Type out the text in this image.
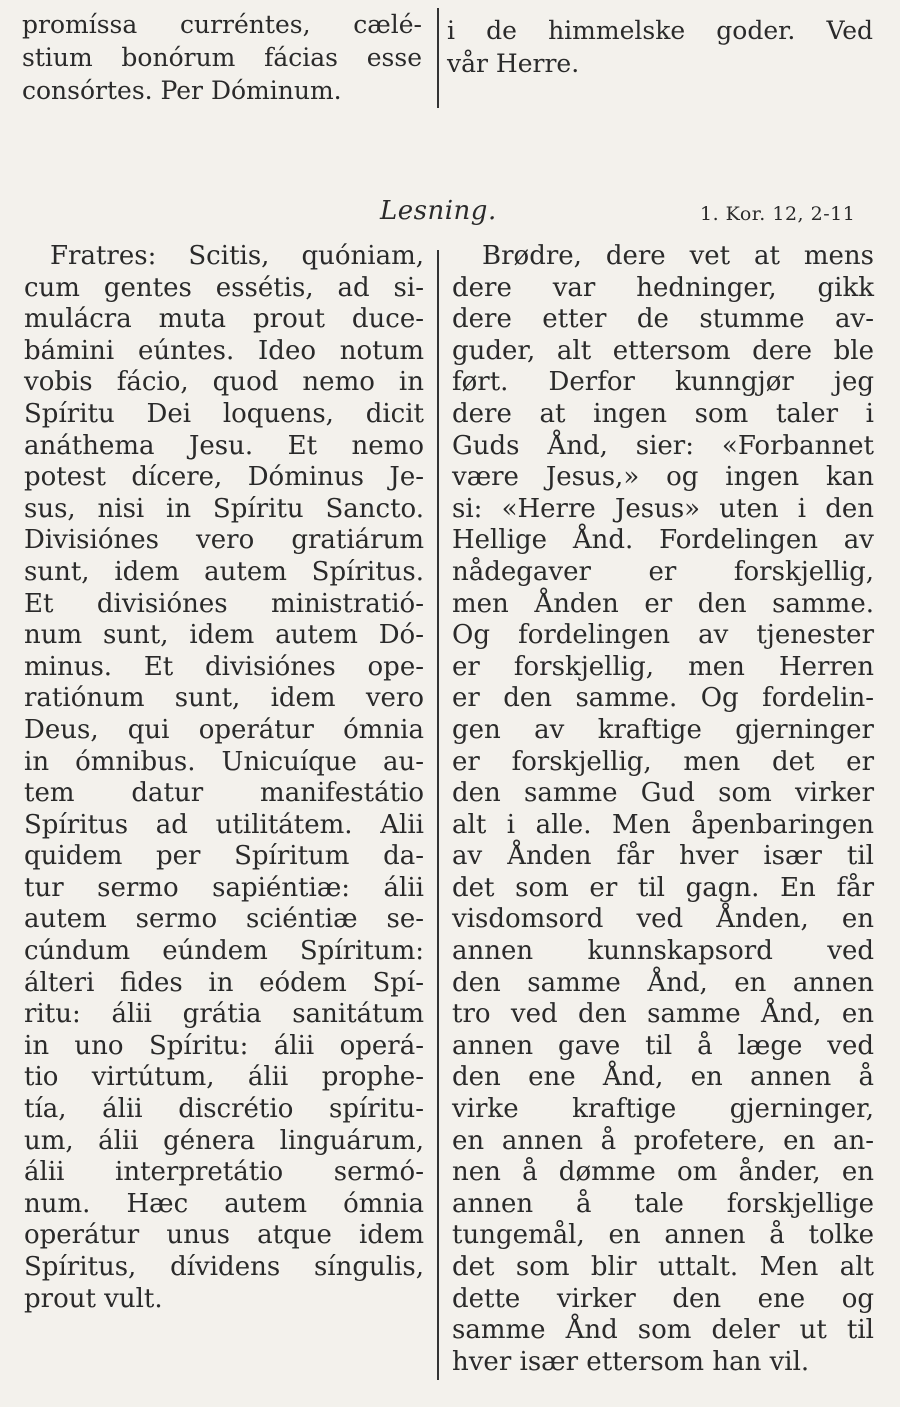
promíssa curréntes, cælé-
stium bonórum fácias esse
consórtes. Per Dóminum.
i de himmelske goder. Ved
vår Herre.
Lesning.	1. Kor. 12, 2-11
Fratres: Scitis, quóniam,
cum gentes essétis, ad si-
mulácra muta prout duce-
bámini eúntes. Ideo notum
vobis fácio, quod nemo in
Spíritu Dei loquens, dicit
anáthema Jesu. Et nemo
potest dícere, Dóminus Je-
sus, nisi in Spíritu Sancto.
Divisiónes vero gratiárum
sunt, idem autem Spíritus.
Et divisiónes ministratió-
num sunt, idem autem Dó-
minus. Et divisiónes ope-
ratiónum sunt, idem vero
Deus, qui operátur ómnia
in ómnibus. Unicuíque au-
tem datur manifestátio
Spíritus ad utilitátem. Alii
quidem per Spíritum da-
tur sermo sapiéntiæ: álii
autem sermo sciéntiæ se-
cúndum eúndem Spíritum:
álteri fides in eódem Spí-
ritu: álii grátia sanitátum
in uno Spíritu: álii operá-
tio virtútum, álii prophe-
tía, álii discrétio spíritu-
um, álii génera linguárum,
álii interpretátio sermó-
num. Hæc autem ómnia
operátur unus atque idem
Spíritus, dívidens síngulis,
prout vult.
Brødre, dere vet at mens
dere var hedninger, gikk
dere etter de stumme av-
guder, alt ettersom dere ble
ført. Derfor kunngjør jeg
dere at ingen som taler i
Guds Ånd, sier: «Forbannet
være Jesus,» og ingen kan
si: «Herre Jesus» uten i den
Hellige Ånd. Fordelingen av
nådegaver er forskjellig,
men Ånden er den samme.
Og fordelingen av tjenester
er forskjellig, men Herren
er den samme. Og fordelin-
gen av kraftige gjerninger
er forskjellig, men det er
den samme Gud som virker
alt i alle. Men åpenbaringen
av Ånden får hver især til
det som er til gagn. En får
visdomsord ved Ånden, en
annen kunnskapsord ved
den samme Ånd, en annen
tro ved den samme Ånd, en
annen gave til å læge ved
den ene Ånd, en annen å
virke kraftige gjerninger,
en annen å profetere, en an-
nen å dømme om ånder, en
annen å tale forskjellige
tungemål, en annen å tolke
det som blir uttalt. Men alt
dette virker den ene og
samme Ånd som deler ut til
hver især ettersom han vil.
